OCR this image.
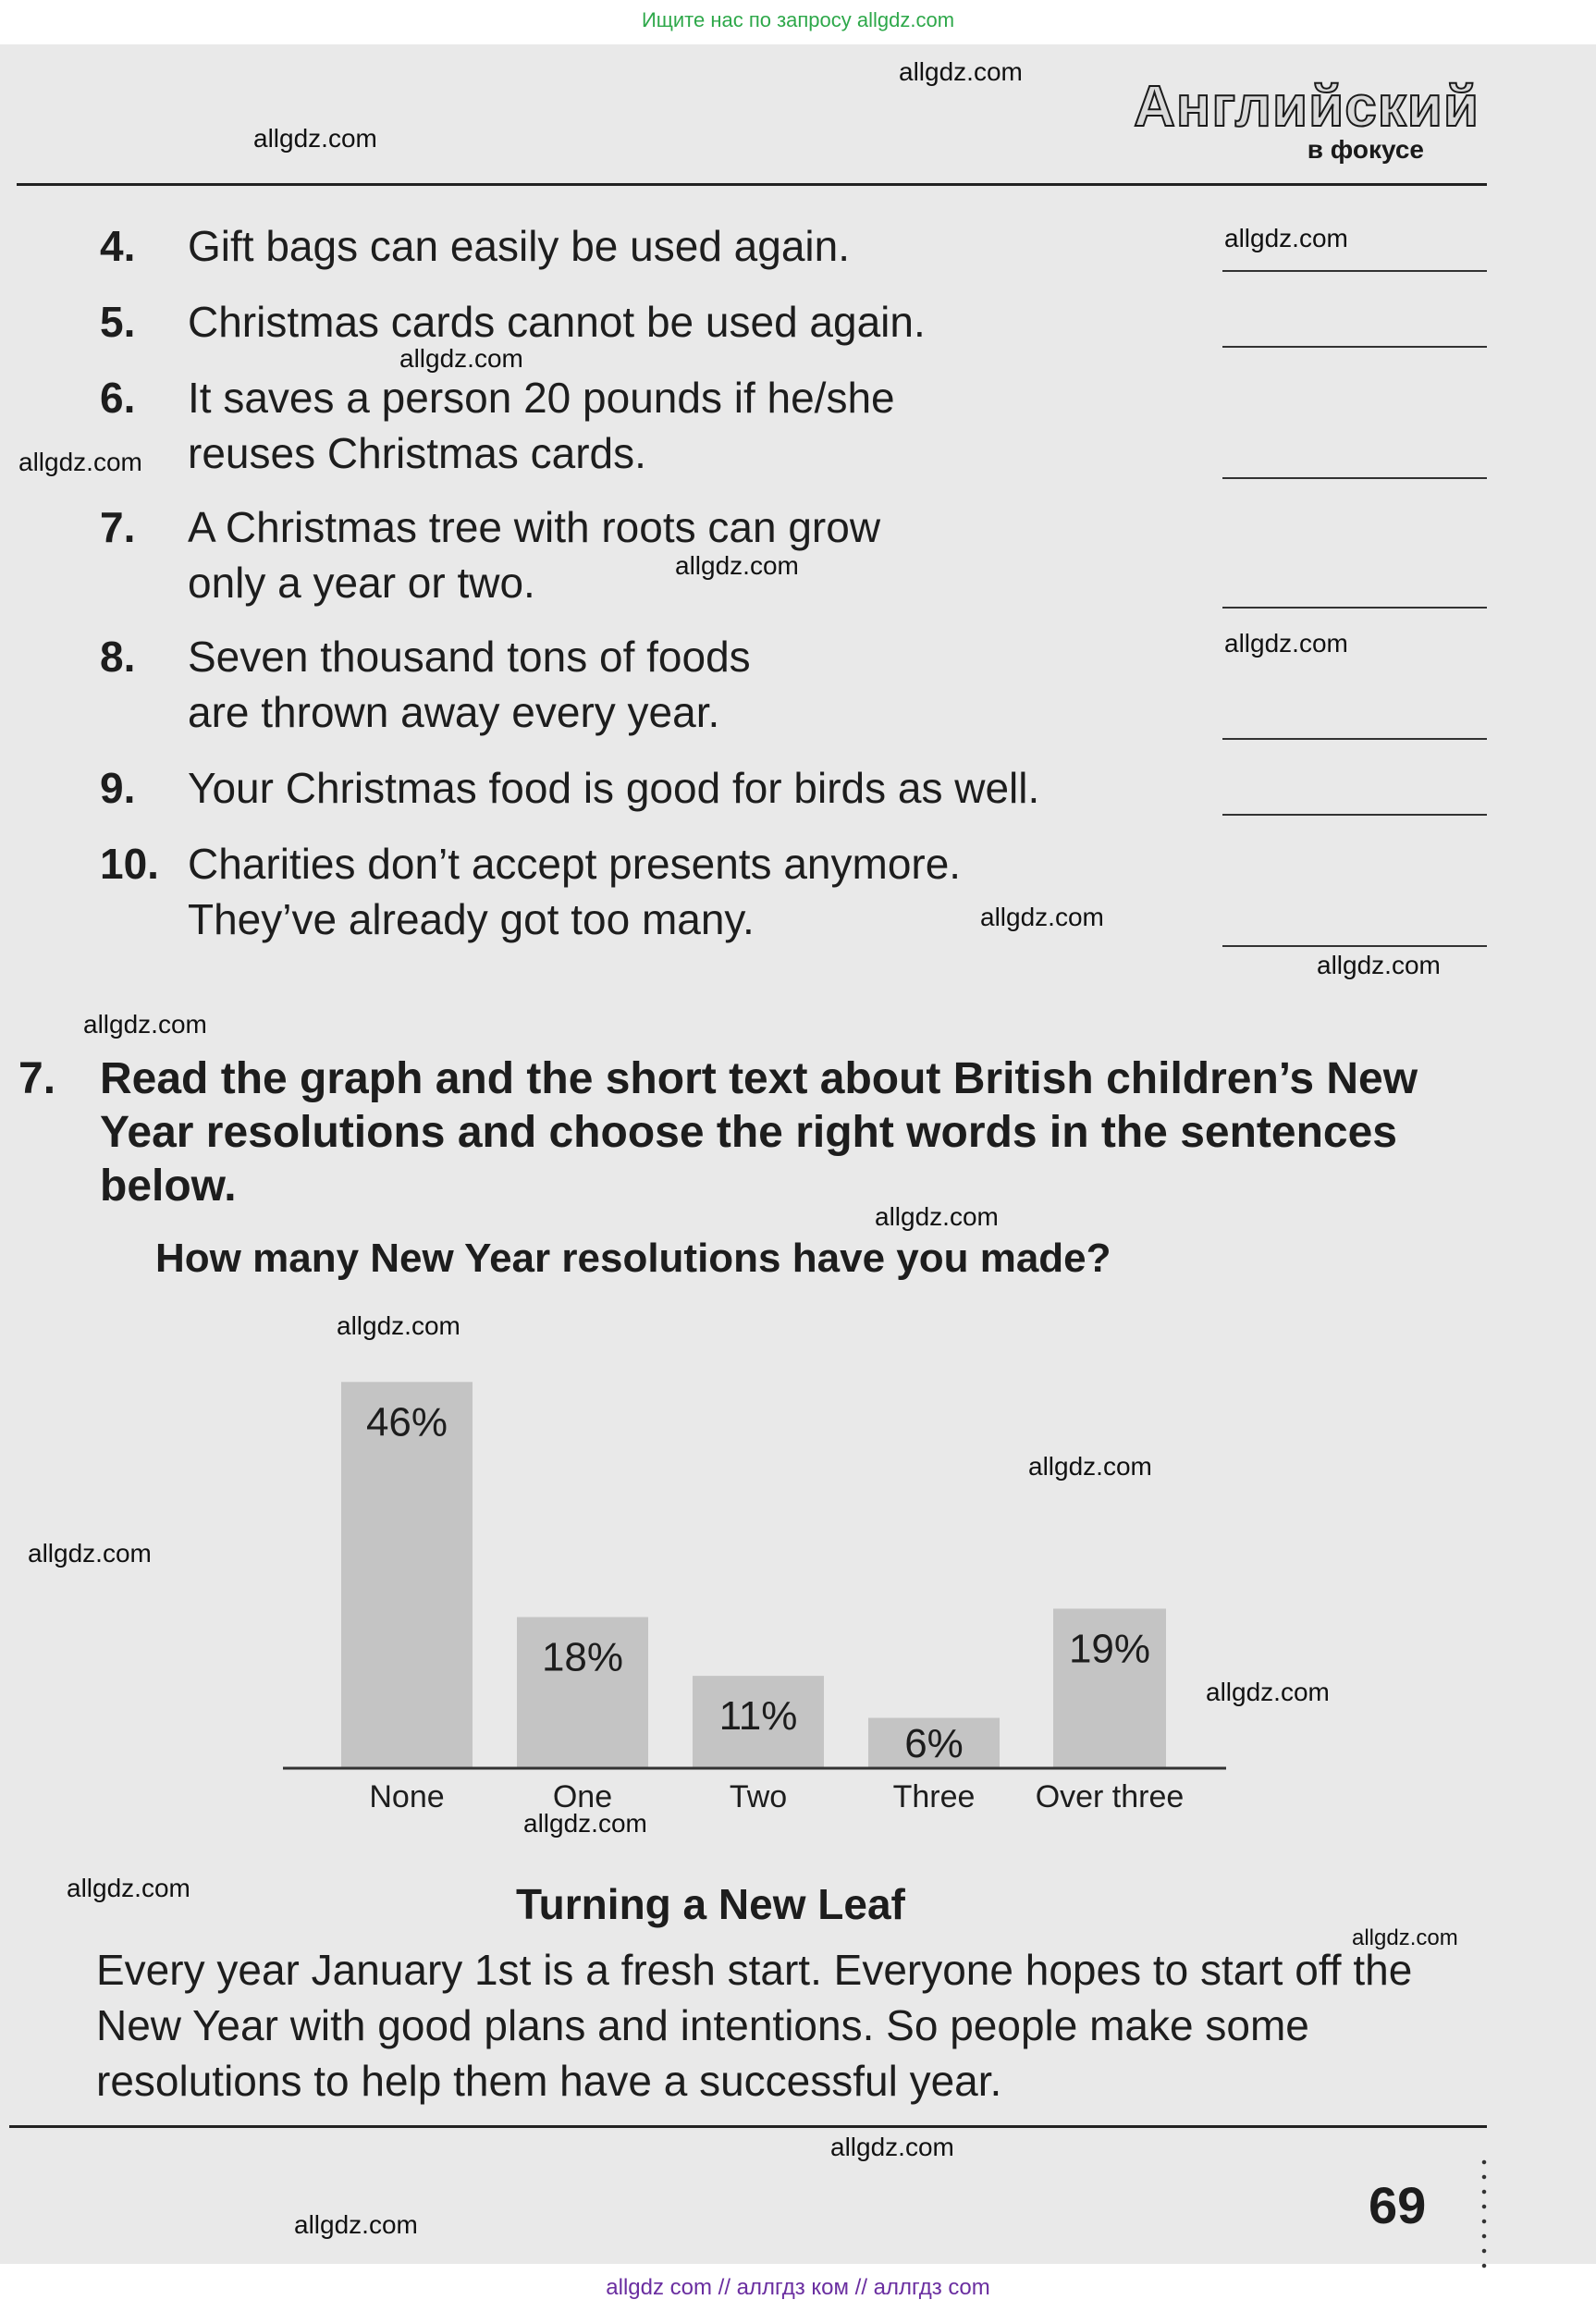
Ищите нас по запросу allgdz.com
Английский
в фокусе
4. Gift bags can easily be used again.
5. Christmas cards cannot be used again.
6. It saves a person 20 pounds if he/she
reuses Christmas cards.
7. A Christmas tree with roots can grow
only a year or two.
8. Seven thousand tons of foods
are thrown away every year.
9. Your Christmas food is good for birds as well.
10. Charities don’t accept presents anymore.
They’ve already got too many.
7. Read the graph and the short text about British children’s New Year resolutions and choose the right words in the sentences below.
How many New Year resolutions have you made?
46%
None
18%
One
11%
Two
6%
Three
19%
Over three
Turning a New Leaf
Every year January 1st is a fresh start. Everyone hopes to start off the New Year with good plans and intentions. So people make some resolutions to help them have a successful year.
69
allgdz.com
allgdz.com
allgdz.com
allgdz.com
allgdz.com
allgdz.com
allgdz.com
allgdz.com
allgdz.com
allgdz.com
allgdz.com
allgdz.com
allgdz.com
allgdz.com
allgdz.com
allgdz.com
allgdz.com
allgdz.com
allgdz.com
allgdz.com
allgdz com // аллгдз ком // аллгдз com
